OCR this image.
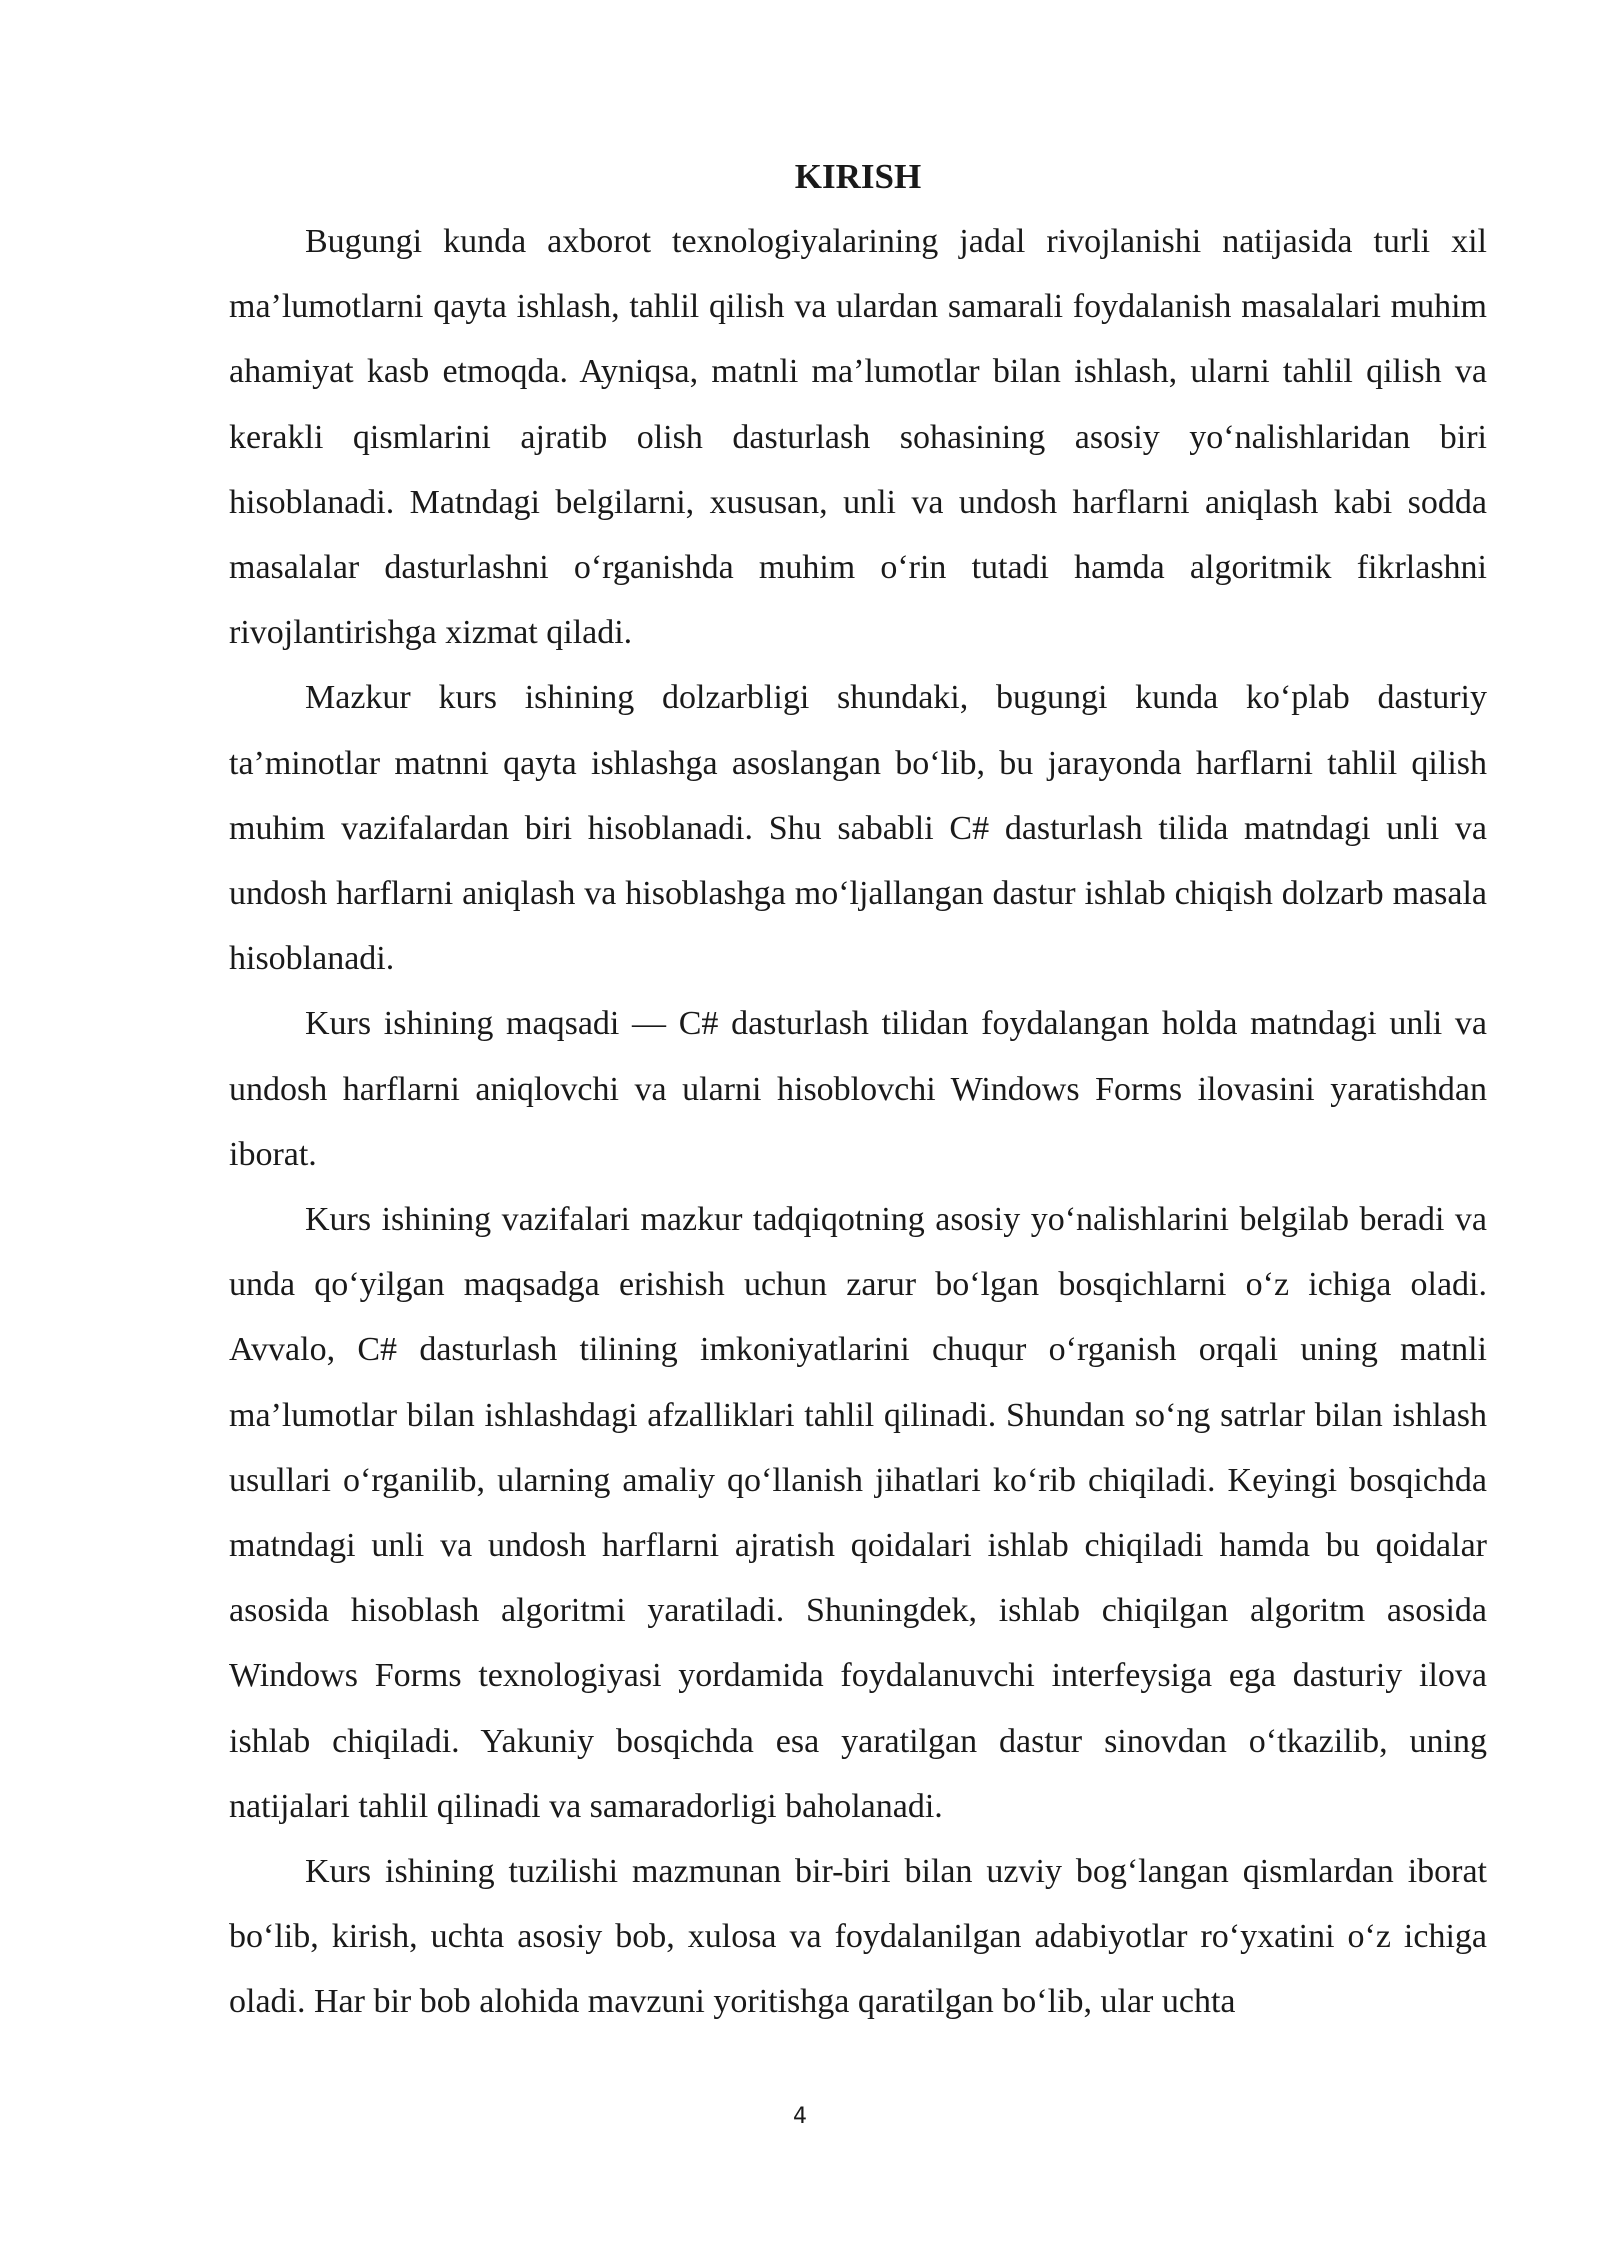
KIRISH

Bugungi kunda axborot texnologiyalarining jadal rivojlanishi natijasida turli xil ma’lumotlarni qayta ishlash, tahlil qilish va ulardan samarali foydalanish masalalari muhim ahamiyat kasb etmoqda. Ayniqsa, matnli ma’lumotlar bilan ishlash, ularni tahlil qilish va kerakli qismlarini ajratib olish dasturlash sohasining asosiy yo‘nalishlaridan biri hisoblanadi. Matndagi belgilarni, xususan, unli va undosh harflarni aniqlash kabi sodda masalalar dasturlashni o‘rganishda muhim o‘rin tutadi hamda algoritmik fikrlashni rivojlantirishga xizmat qiladi.

Mazkur kurs ishining dolzarbligi shundaki, bugungi kunda ko‘plab dasturiy ta’minotlar matnni qayta ishlashga asoslangan bo‘lib, bu jarayonda harflarni tahlil qilish muhim vazifalardan biri hisoblanadi. Shu sababli C# dasturlash tilida matndagi unli va undosh harflarni aniqlash va hisoblashga mo‘ljallangan dastur ishlab chiqish dolzarb masala hisoblanadi.

Kurs ishining maqsadi — C# dasturlash tilidan foydalangan holda matndagi unli va undosh harflarni aniqlovchi va ularni hisoblovchi Windows Forms ilovasini yaratishdan iborat.

Kurs ishining vazifalari mazkur tadqiqotning asosiy yo‘nalishlarini belgilab beradi va unda qo‘yilgan maqsadga erishish uchun zarur bo‘lgan bosqichlarni o‘z ichiga oladi. Avvalo, C# dasturlash tilining imkoniyatlarini chuqur o‘rganish orqali uning matnli ma’lumotlar bilan ishlashdagi afzalliklari tahlil qilinadi. Shundan so‘ng satrlar bilan ishlash usullari o‘rganilib, ularning amaliy qo‘llanish jihatlari ko‘rib chiqiladi. Keyingi bosqichda matndagi unli va undosh harflarni ajratish qoidalari ishlab chiqiladi hamda bu qoidalar asosida hisoblash algoritmi yaratiladi. Shuningdek, ishlab chiqilgan algoritm asosida Windows Forms texnologiyasi yordamida foydalanuvchi interfeysiga ega dasturiy ilova ishlab chiqiladi. Yakuniy bosqichda esa yaratilgan dastur sinovdan o‘tkazilib, uning natijalari tahlil qilinadi va samaradorligi baholanadi.

Kurs ishining tuzilishi mazmunan bir-biri bilan uzviy bog‘langan qismlardan iborat bo‘lib, kirish, uchta asosiy bob, xulosa va foydalanilgan adabiyotlar ro‘yxatini o‘z ichiga oladi. Har bir bob alohida mavzuni yoritishga qaratilgan bo‘lib, ular uchta

4
